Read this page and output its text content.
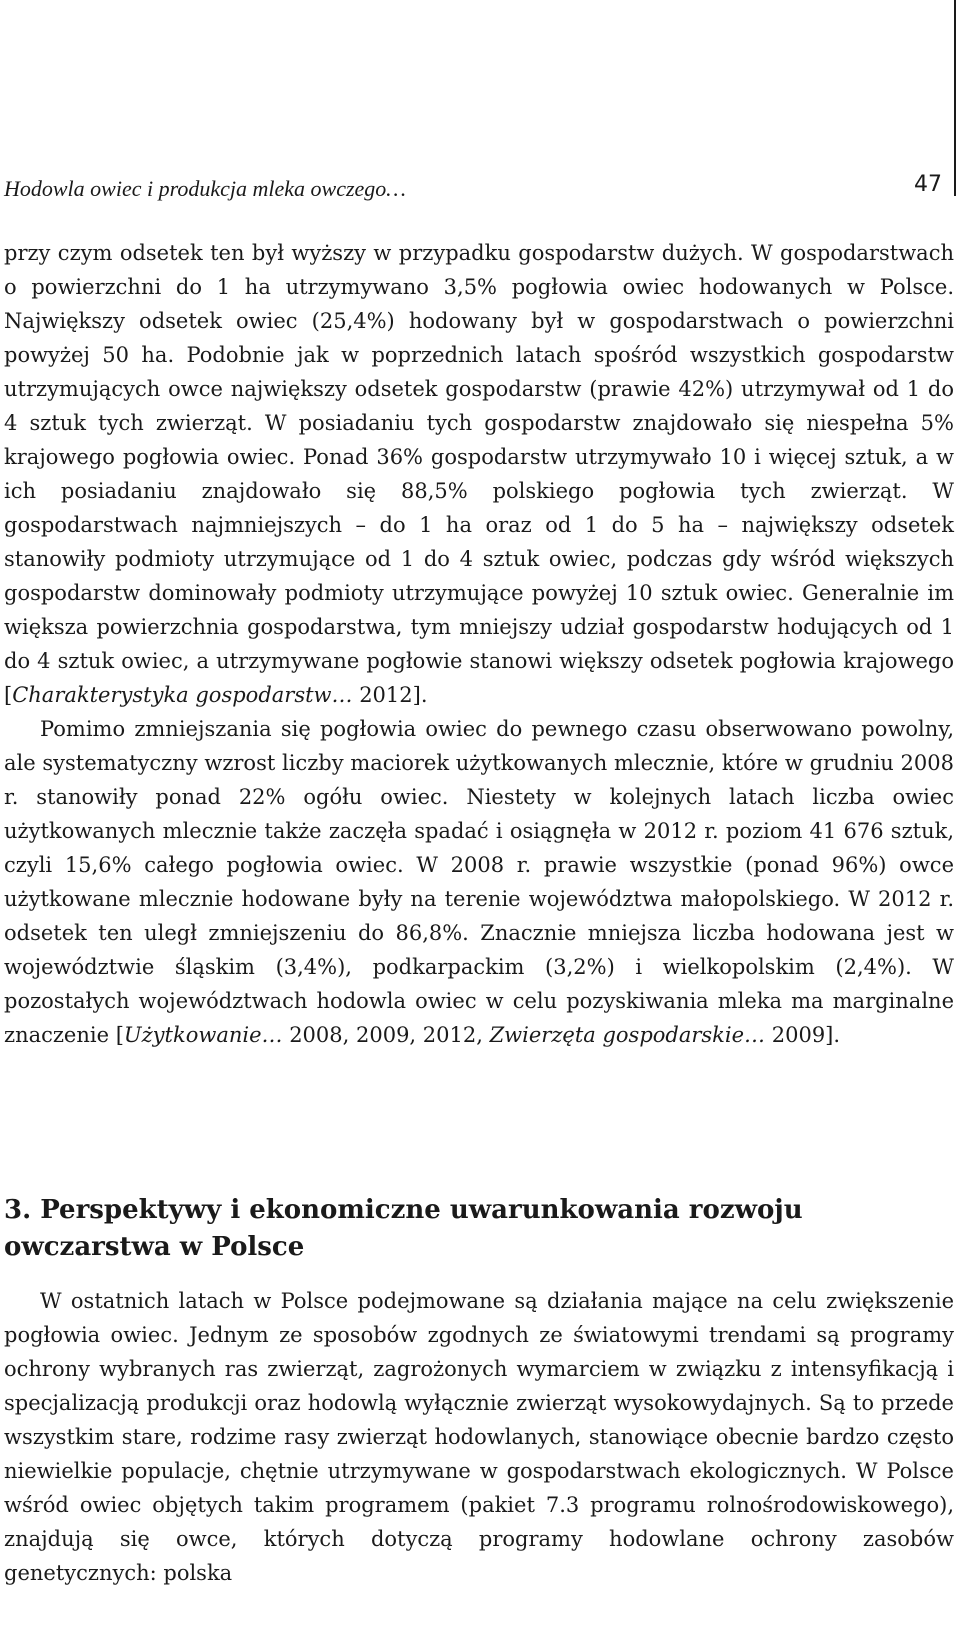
Hodowla owiec i produkcja mleka owczego…	47

przy czym odsetek ten był wyższy w przypadku gospodarstw dużych. W gospodarstwach o powierzchni do 1 ha utrzymywano 3,5% pogłowia owiec hodowanych w Polsce. Największy odsetek owiec (25,4%) hodowany był w gospodarstwach o powierzchni powyżej 50 ha. Podobnie jak w poprzednich latach spośród wszystkich gospodarstw utrzymujących owce największy odsetek gospodarstw (prawie 42%) utrzymywał od 1 do 4 sztuk tych zwierząt. W posiadaniu tych gospodarstw znajdowało się niespełna 5% krajowego pogłowia owiec. Ponad 36% gospodarstw utrzymywało 10 i więcej sztuk, a w ich posiadaniu znajdowało się 88,5% polskiego pogłowia tych zwierząt. W gospodarstwach najmniejszych – do 1 ha oraz od 1 do 5 ha – największy odsetek stanowiły podmioty utrzymujące od 1 do 4 sztuk owiec, podczas gdy wśród większych gospodarstw dominowały podmioty utrzymujące powyżej 10 sztuk owiec. Generalnie im większa powierzchnia gospodarstwa, tym mniejszy udział gospodarstw hodujących od 1 do 4 sztuk owiec, a utrzymywane pogłowie stanowi większy odsetek pogłowia krajowego [Charakterystyka gospodarstw… 2012].

Pomimo zmniejszania się pogłowia owiec do pewnego czasu obserwowano powolny, ale systematyczny wzrost liczby maciorek użytkowanych mlecznie, które w grudniu 2008 r. stanowiły ponad 22% ogółu owiec. Niestety w kolejnych latach liczba owiec użytkowanych mlecznie także zaczęła spadać i osiągnęła w 2012 r. poziom 41 676 sztuk, czyli 15,6% całego pogłowia owiec. W 2008 r. prawie wszystkie (ponad 96%) owce użytkowane mlecznie hodowane były na terenie województwa małopolskiego. W 2012 r. odsetek ten uległ zmniejszeniu do 86,8%. Znacznie mniejsza liczba hodowana jest w województwie śląskim (3,4%), podkarpackim (3,2%) i wielkopolskim (2,4%). W pozostałych województwach hodowla owiec w celu pozyskiwania mleka ma marginalne znaczenie [Użytkowanie… 2008, 2009, 2012, Zwierzęta gospodarskie… 2009].

3. Perspektywy i ekonomiczne uwarunkowania rozwoju owczarstwa w Polsce

W ostatnich latach w Polsce podejmowane są działania mające na celu zwiększenie pogłowia owiec. Jednym ze sposobów zgodnych ze światowymi trendami są programy ochrony wybranych ras zwierząt, zagrożonych wymarciem w związku z intensyfikacją i specjalizacją produkcji oraz hodowlą wyłącznie zwierząt wysokowydajnych. Są to przede wszystkim stare, rodzime rasy zwierząt hodowlanych, stanowiące obecnie bardzo często niewielkie populacje, chętnie utrzymywane w gospodarstwach ekologicznych. W Polsce wśród owiec objętych takim programem (pakiet 7.3 programu rolnośrodowiskowego), znajdują się owce, których dotyczą programy hodowlane ochrony zasobów genetycznych: polska
